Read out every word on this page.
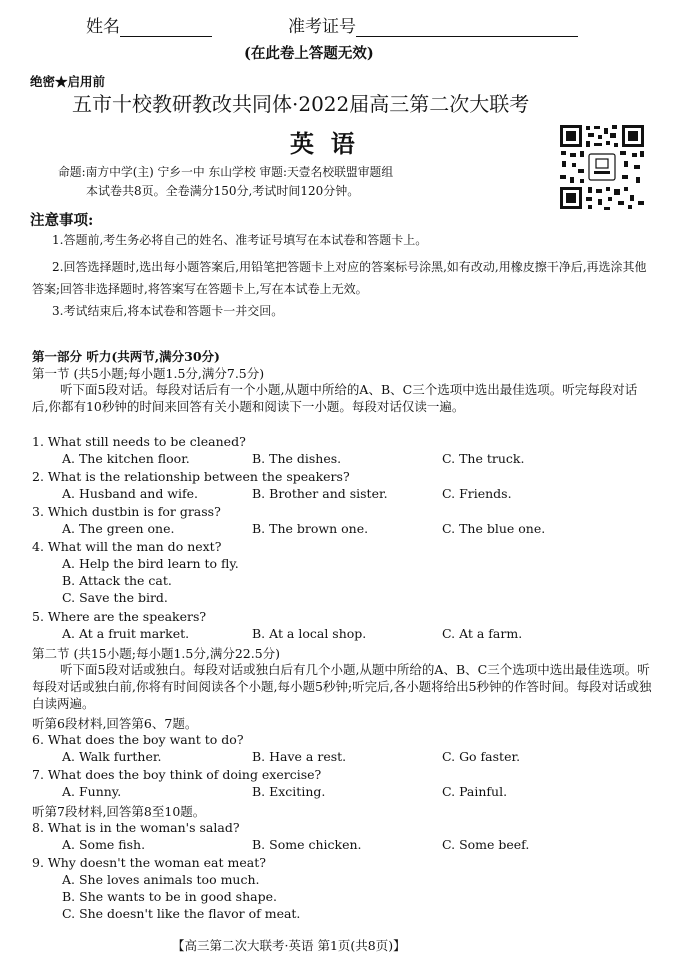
姓名	准考证号
(在此卷上答题无效)
绝密★启用前
五市十校教研教改共同体·2022届高三第二次大联考
英  语
命题:南方中学(主) 宁乡一中 东山学校 审题:天壹名校联盟审题组
本试卷共8页。全卷满分150分,考试时间120分钟。
注意事项:
1.答题前,考生务必将自己的姓名、准考证号填写在本试卷和答题卡上。
2.回答选择题时,选出每小题答案后,用铅笔把答题卡上对应的答案标号涂黑,如有改动,用橡皮擦干净后,再选涂其他答案;回答非选择题时,将答案写在答题卡上,写在本试卷上无效。
3.考试结束后,将本试卷和答题卡一并交回。
第一部分 听力(共两节,满分30分)
第一节 (共5小题;每小题1.5分,满分7.5分)
听下面5段对话。每段对话后有一个小题,从题中所给的A、B、C三个选项中选出最佳选项。听完每段对话后,你都有10秒钟的时间来回答有关小题和阅读下一小题。每段对话仅读一遍。
1. What still needs to be cleaned?
A. The kitchen floor.	B. The dishes.	C. The truck.
2. What is the relationship between the speakers?
A. Husband and wife.	B. Brother and sister.	C. Friends.
3. Which dustbin is for grass?
A. The green one.	B. The brown one.	C. The blue one.
4. What will the man do next?
A. Help the bird learn to fly.
B. Attack the cat.
C. Save the bird.
5. Where are the speakers?
A. At a fruit market.	B. At a local shop.	C. At a farm.
第二节 (共15小题;每小题1.5分,满分22.5分)
听下面5段对话或独白。每段对话或独白后有几个小题,从题中所给的A、B、C三个选项中选出最佳选项。听每段对话或独白前,你将有时间阅读各个小题,每小题5秒钟;听完后,各小题将给出5秒钟的作答时间。每段对话或独白读两遍。
听第6段材料,回答第6、7题。
6. What does the boy want to do?
A. Walk further.	B. Have a rest.	C. Go faster.
7. What does the boy think of doing exercise?
A. Funny.	B. Exciting.	C. Painful.
听第7段材料,回答第8至10题。
8. What is in the woman's salad?
A. Some fish.	B. Some chicken.	C. Some beef.
9. Why doesn't the woman eat meat?
A. She loves animals too much.
B. She wants to be in good shape.
C. She doesn't like the flavor of meat.
【高三第二次大联考·英语 第1页(共8页)】
